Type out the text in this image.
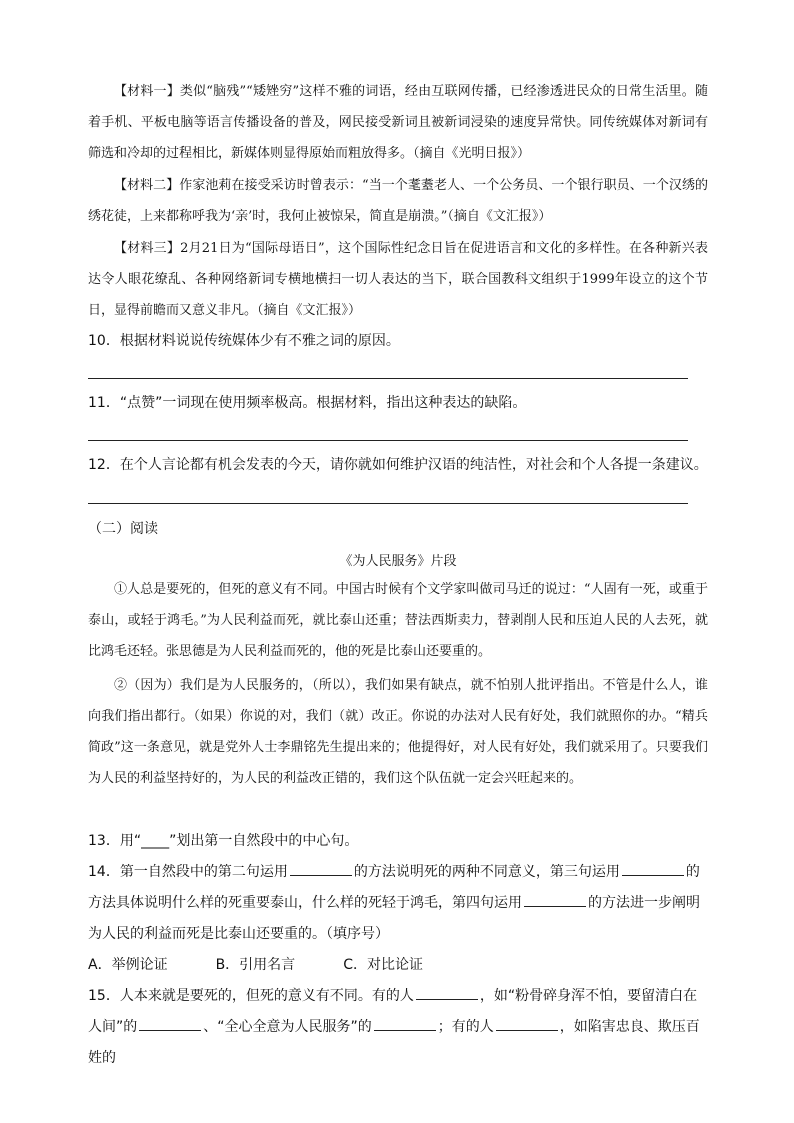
【材料一】类似“脑残”“矮矬穷”这样不雅的词语，经由互联网传播，已经渗透进民众的日常生活里。随着手机、平板电脑等语言传播设备的普及，网民接受新词且被新词浸染的速度异常快。同传统媒体对新词有筛选和冷却的过程相比，新媒体则显得原始而粗放得多。（摘自《光明日报》）
【材料二】作家池莉在接受采访时曾表示：“当一个耄耋老人、一个公务员、一个银行职员、一个汉绣的绣花徒，上来都称呼我为‘亲’时，我何止被惊呆，简直是崩溃。”（摘自《文汇报》）
【材料三】2月21日为“国际母语日”，这个国际性纪念日旨在促进语言和文化的多样性。在各种新兴表达令人眼花缭乱、各种网络新词专横地横扫一切人表达的当下，联合国教科文组织于1999年设立的这个节日，显得前瞻而又意义非凡。（摘自《文汇报》）
10．根据材料说说传统媒体少有不雅之词的原因。
11．“点赞”一词现在使用频率极高。根据材料，指出这种表达的缺陷。
12．在个人言论都有机会发表的今天，请你就如何维护汉语的纯洁性，对社会和个人各提一条建议。
（二）阅读
《为人民服务》片段
①人总是要死的，但死的意义有不同。中国古时候有个文学家叫做司马迁的说过：“人固有一死，或重于泰山，或轻于鸿毛。”为人民利益而死，就比泰山还重；替法西斯卖力，替剥削人民和压迫人民的人去死，就比鸿毛还轻。张思德是为人民利益而死的，他的死是比泰山还要重的。
②（因为）我们是为人民服务的，（所以），我们如果有缺点，就不怕别人批评指出。不管是什么人，谁向我们指出都行。（如果）你说的对，我们（就）改正。你说的办法对人民有好处，我们就照你的办。“精兵简政”这一条意见，就是党外人士李鼎铭先生提出来的；他提得好，对人民有好处，我们就采用了。只要我们为人民的利益坚持好的，为人民的利益改正错的，我们这个队伍就一定会兴旺起来的。
13．用“____”划出第一自然段中的中心句。
14．第一自然段中的第二句运用	的方法说明死的两种不同意义，第三句运用	的方法具体说明什么样的死重要泰山，什么样的死轻于鸿毛，第四句运用	的方法进一步阐明为人民的利益而死是比泰山还要重的。（填序号）
A．举例论证	B．引用名言	C．对比论证
15．人本来就是要死的，但死的意义有不同。有的人	，如“粉骨碎身浑不怕，要留清白在人间”的	、“全心全意为人民服务”的	；有的人	，如陷害忠良、欺压百姓的
